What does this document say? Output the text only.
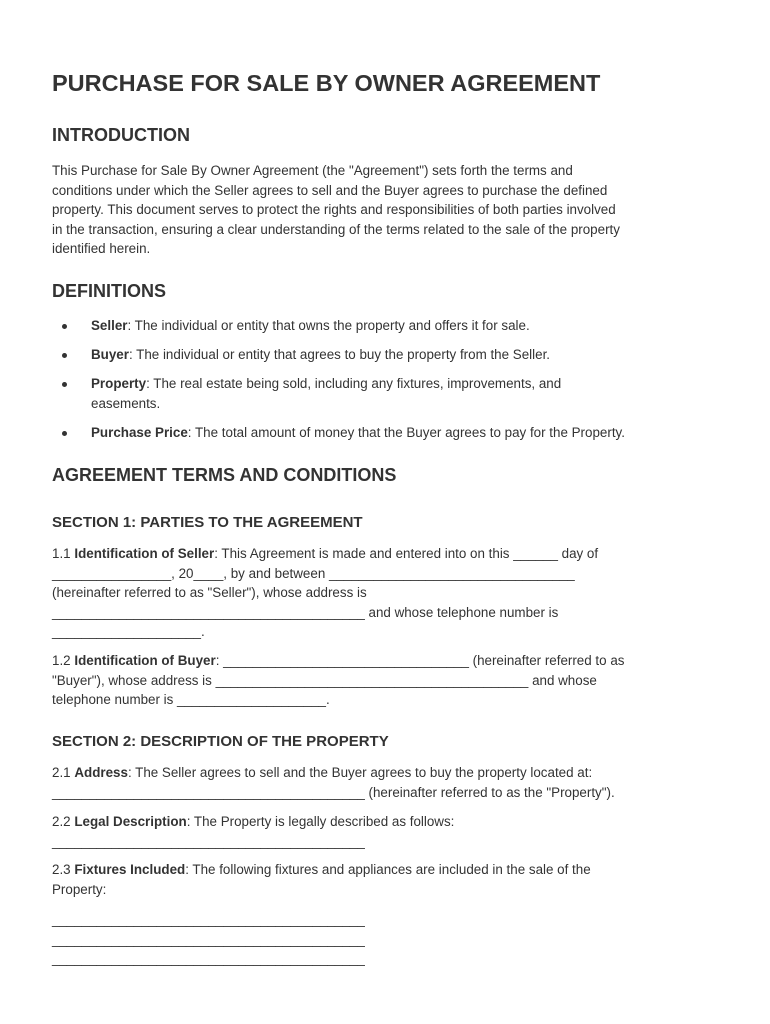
PURCHASE FOR SALE BY OWNER AGREEMENT
INTRODUCTION
This Purchase for Sale By Owner Agreement (the "Agreement") sets forth the terms and
conditions under which the Seller agrees to sell and the Buyer agrees to purchase the defined
property. This document serves to protect the rights and responsibilities of both parties involved
in the transaction, ensuring a clear understanding of the terms related to the sale of the property
identified herein.
DEFINITIONS
Seller: The individual or entity that owns the property and offers it for sale.
Buyer: The individual or entity that agrees to buy the property from the Seller.
Property: The real estate being sold, including any fixtures, improvements, and
easements.
Purchase Price: The total amount of money that the Buyer agrees to pay for the Property.
AGREEMENT TERMS AND CONDITIONS
SECTION 1: PARTIES TO THE AGREEMENT
1.1 Identification of Seller: This Agreement is made and entered into on this ______ day of
________________, 20____, by and between _________________________________
(hereinafter referred to as "Seller"), whose address is
__________________________________________ and whose telephone number is
____________________.
1.2 Identification of Buyer: _________________________________ (hereinafter referred to as
"Buyer"), whose address is __________________________________________ and whose
telephone number is ____________________.
SECTION 2: DESCRIPTION OF THE PROPERTY
2.1 Address: The Seller agrees to sell and the Buyer agrees to buy the property located at:
__________________________________________ (hereinafter referred to as the "Property").
2.2 Legal Description: The Property is legally described as follows:
__________________________________________
2.3 Fixtures Included: The following fixtures and appliances are included in the sale of the
Property:
__________________________________________
__________________________________________
__________________________________________
